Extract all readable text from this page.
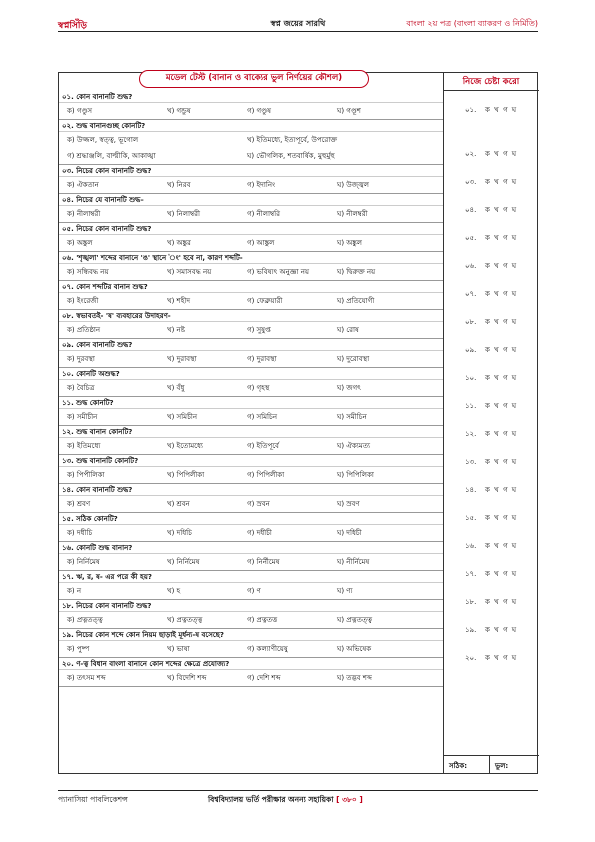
স্বপ্নসিঁড়ি	স্বপ্ন জয়ের সারথি	বাংলা ২য় পত্র (বাংলা ব্যাকরণ ও নির্মিতি)
মডেল টেস্ট (বানান ও বাক্যের ভুল নির্ণয়ের কৌশল)	নিজে চেষ্টা করো
০১. কোন বানানটি শুদ্ধ?
ক) গণ্ডুস	খ) গন্ডুষ	গ) গণ্ডুষ	ঘ) গণ্ডূশ
০২. শুদ্ধ বানানগুচ্ছ কোনটি?
ক) উজ্জল, স্বত্ত্ব, ভূগোল	খ) ইতিমধ্যে, ইত্যপূর্বে, উপরোক্ত
গ) শ্রদ্ধাঞ্জলি, বাল্মীকি, আকাঙ্খা	ঘ) ভৌগলিক, শতবার্ষিক, মুহুর্মুহু
০৩. নিচের কোন বানানটি শুদ্ধ?
ক) ঐকতান	খ) নিরব	গ) ইদানিং	ঘ) উজ্জ্বল
০৪. নিচের যে বানানটি শুদ্ধ–
ক) নীলাম্বরী	খ) নিলাম্বরী	গ) নীলাম্বরি	ঘ) নীলম্বরী
০৫. নিচের কোন বানানটি শুদ্ধ?
ক) অঙ্কুল	খ) অঙ্কুর	গ) আঙ্কুল	ঘ) অঙ্কুল
০৬. 'শৃঙ্খলা' শব্দের বানানে 'ঙ' স্থানে 'ং' হবে না, কারণ শব্দটি-
ক) সন্ধিবদ্ধ নয়	খ) সমাসবদ্ধ নয়	গ) ভবিষ্যৎ অনুজ্ঞা নয়	ঘ) দ্বিরুক্ত নয়
০৭. কোন শব্দটির বানান শুদ্ধ?
ক) ইংরেজী	খ) শহীদ	গ) ফেব্রুয়ারী	ঘ) প্রতিযোগী
০৮. স্বভাবতই- 'ষ' ব্যবহারের উদাহরণ-
ক) প্রতিষ্ঠান	খ) নষ্ট	গ) সুষুপ্ত	ঘ) রোষ
০৯. কোন বানানটি শুদ্ধ?
ক) দুরবস্থা	খ) দুরাবস্থা	গ) দুরাবস্থা	ঘ) দুরোবস্থা
১০. কোনটি অশুদ্ধ?
ক) বৈচিত্র	খ) বঁধু	গ) গৃহস্থ	ঘ) জগৎ
১১. শুদ্ধ কোনটি?
ক) সমীচীন	খ) সমিচীন	গ) সমিচিন	ঘ) সমীচিন
১২. শুদ্ধ বানান কোনটি?
ক) ইতিমধ্যে	খ) ইতোমধ্যে	গ) ইতিপূর্বে	ঘ) ঐক্যমত্য
১৩. শুদ্ধ বানানটি কোনটি?
ক) পিপীলিকা	খ) পিপিলীকা	গ) পিপিলীকা	ঘ) পিপিলিকা
১৪. কোন বানানটি শুদ্ধ?
ক) শ্রবণ	খ) শ্রবন	গ) স্রবন	ঘ) স্রবণ
১৫. সঠিক কোনটি?
ক) দধীচি	খ) দধিচি	গ) দধীচী	ঘ) দধিচী
১৬. কোনটি শুদ্ধ বানান?
ক) নির্নিমেষ	খ) নির্নিমেষ	গ) নির্নীমেষ	ঘ) নীর্নিমেষ
১৭. ঋ, র, ষ- এর পরে কী হয়?
ক) ন	খ) হ	গ) ণ	ঘ) ণ্য
১৮. নিচের কোন বানানটি শুদ্ধ?
ক) প্রত্নতত্ত্ব	খ) প্রত্নতত্ত্ব	গ) প্রত্নতত্ত	ঘ) প্রত্নতত্ত্ব
১৯. নিচের কোন শব্দে কোন নিয়ম ছাড়াই মূর্ধন্য-ষ বসেছে?
ক) পুষ্প	খ) ভাষা	গ) কল্যাণীয়েষু	ঘ) অভিষেক
২০. ণ-ত্ব বিধান বাংলা বানানে কোন শব্দের ক্ষেত্রে প্রযোজ্য?
ক) তৎসম শব্দ	খ) বিদেশি শব্দ	গ) দেশি শব্দ	ঘ) তদ্ভব শব্দ
০১. ক খ গ ঘ
০২. ক খ গ ঘ
০৩. ক খ গ ঘ
০৪. ক খ গ ঘ
০৫. ক খ গ ঘ
০৬. ক খ গ ঘ
০৭. ক খ গ ঘ
০৮. ক খ গ ঘ
০৯. ক খ গ ঘ
১০. ক খ গ ঘ
১১. ক খ গ ঘ
১২. ক খ গ ঘ
১৩. ক খ গ ঘ
১৪. ক খ গ ঘ
১৫. ক খ গ ঘ
১৬. ক খ গ ঘ
১৭. ক খ গ ঘ
১৮. ক খ গ ঘ
১৯. ক খ গ ঘ
২০. ক খ গ ঘ
সঠিক:	ভুল:
প্যানাসিয়া পাবলিকেশন্স	বিশ্ববিদ্যালয় ভর্তি পরীক্ষার অনন্য সহায়িকা [ ৩৮০ ]
